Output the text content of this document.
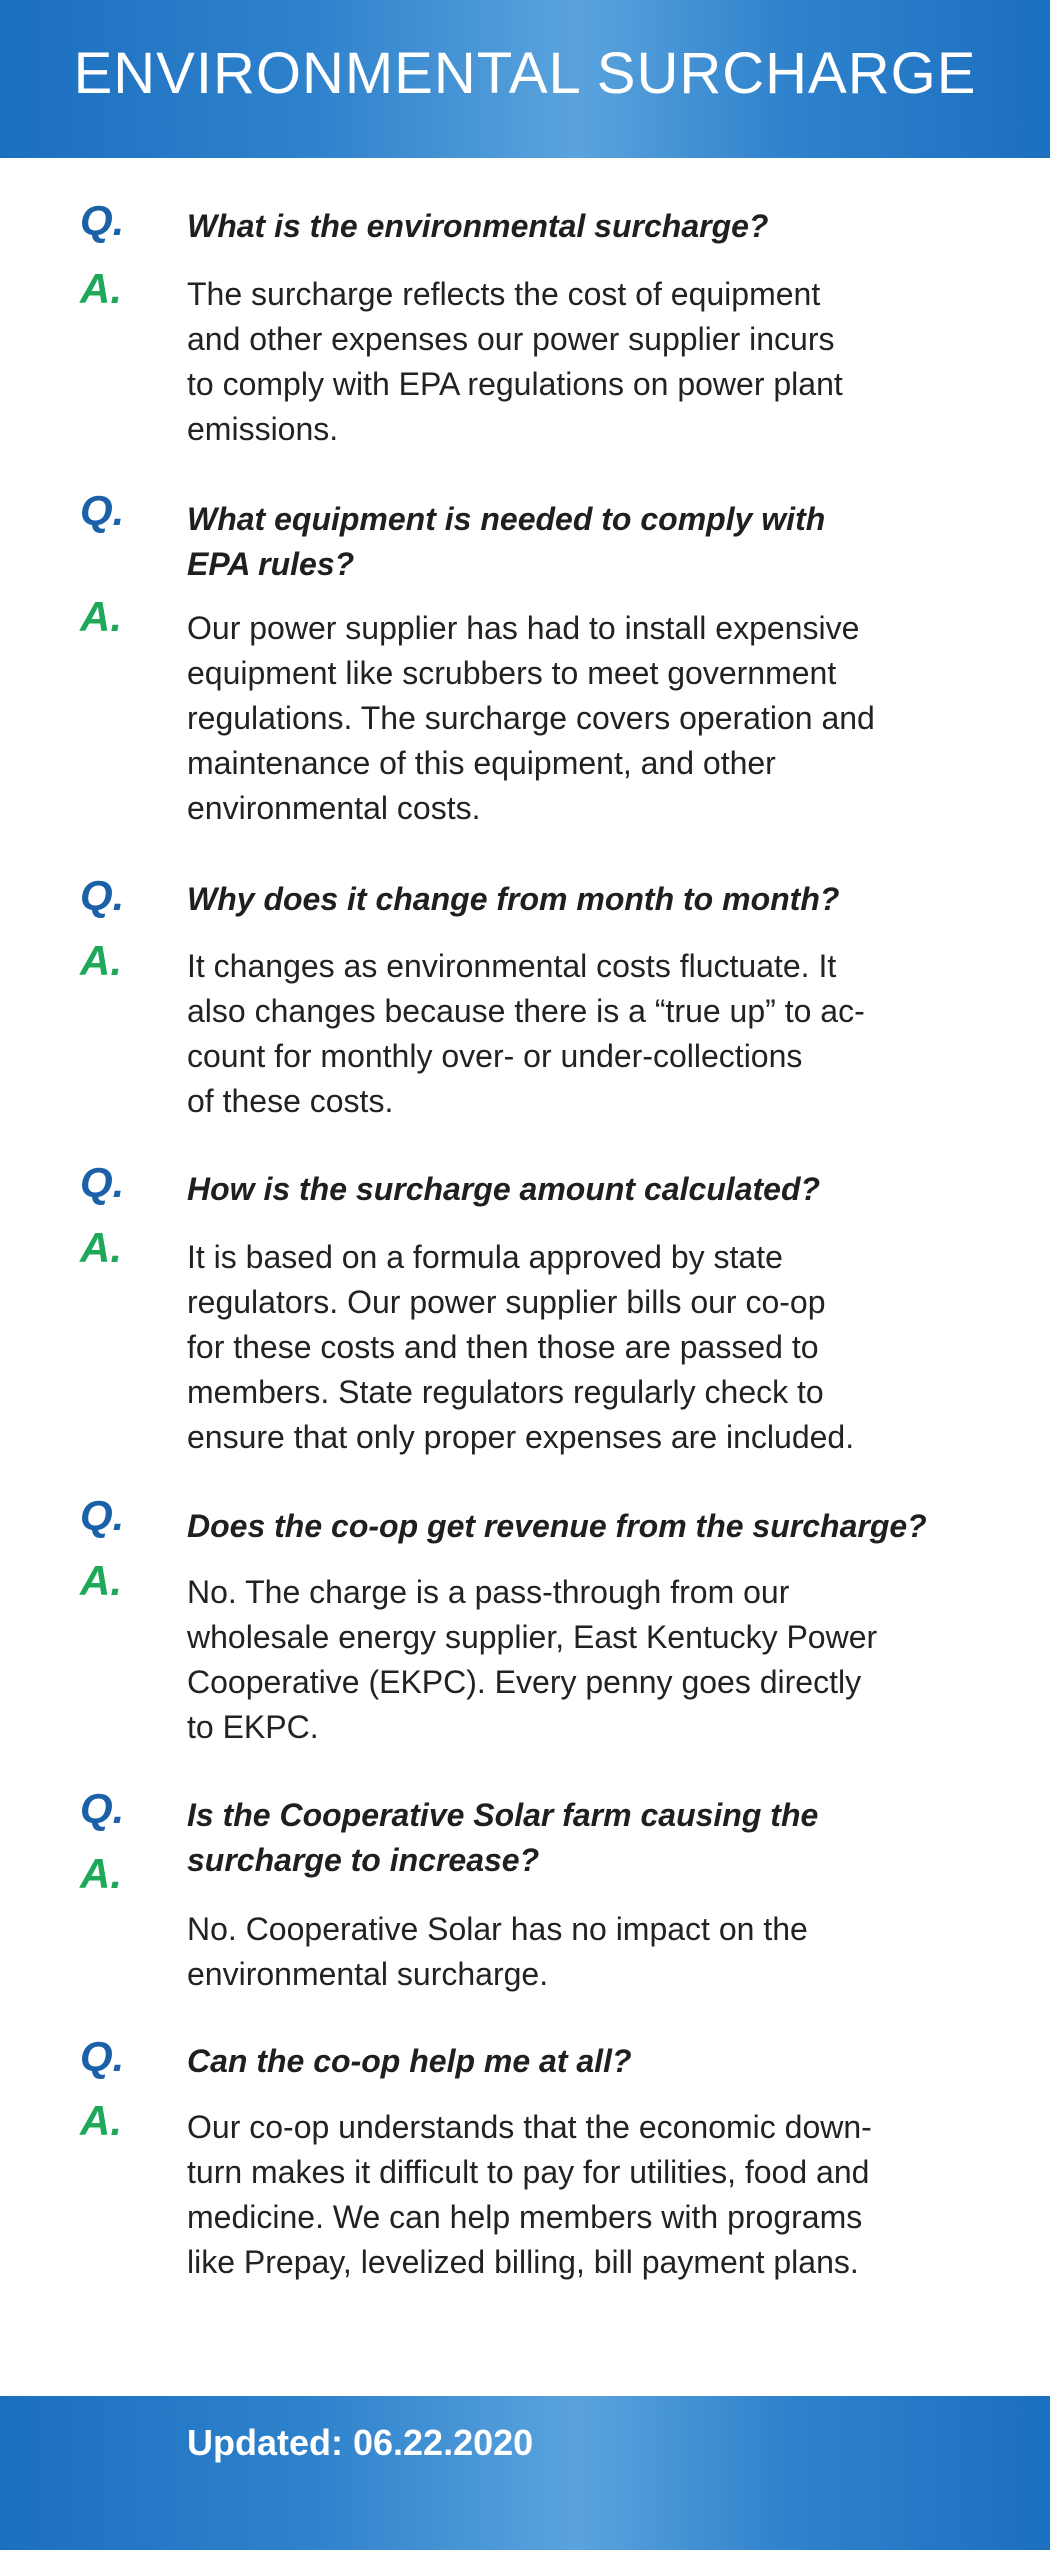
ENVIRONMENTAL SURCHARGE
Q. What is the environmental surcharge?

A. The surcharge reflects the cost of equipment
and other expenses our power supplier incurs
to comply with EPA regulations on power plant
emissions.

Q. What equipment is needed to comply with
EPA rules?

A. Our power supplier has had to install expensive
equipment like scrubbers to meet government
regulations. The surcharge covers operation and
maintenance of this equipment, and other
environmental costs.

Q. Why does it change from month to month?

A. It changes as environmental costs fluctuate. It
also changes because there is a “true up” to ac-
count for monthly over- or under-collections
of these costs.

Q. How is the surcharge amount calculated?

A. It is based on a formula approved by state
regulators. Our power supplier bills our co-op
for these costs and then those are passed to
members. State regulators regularly check to
ensure that only proper expenses are included.

Q. Does the co-op get revenue from the surcharge?

A. No. The charge is a pass-through from our
wholesale energy supplier, East Kentucky Power
Cooperative (EKPC). Every penny goes directly
to EKPC.

Q. Is the Cooperative Solar farm causing the
surcharge to increase?

A.

No. Cooperative Solar has no impact on the
environmental surcharge.

Q. Can the co-op help me at all?

A. Our co-op understands that the economic down-
turn makes it difficult to pay for utilities, food and
medicine. We can help members with programs
like Prepay, levelized billing, bill payment plans.

Updated: 06.22.2020
